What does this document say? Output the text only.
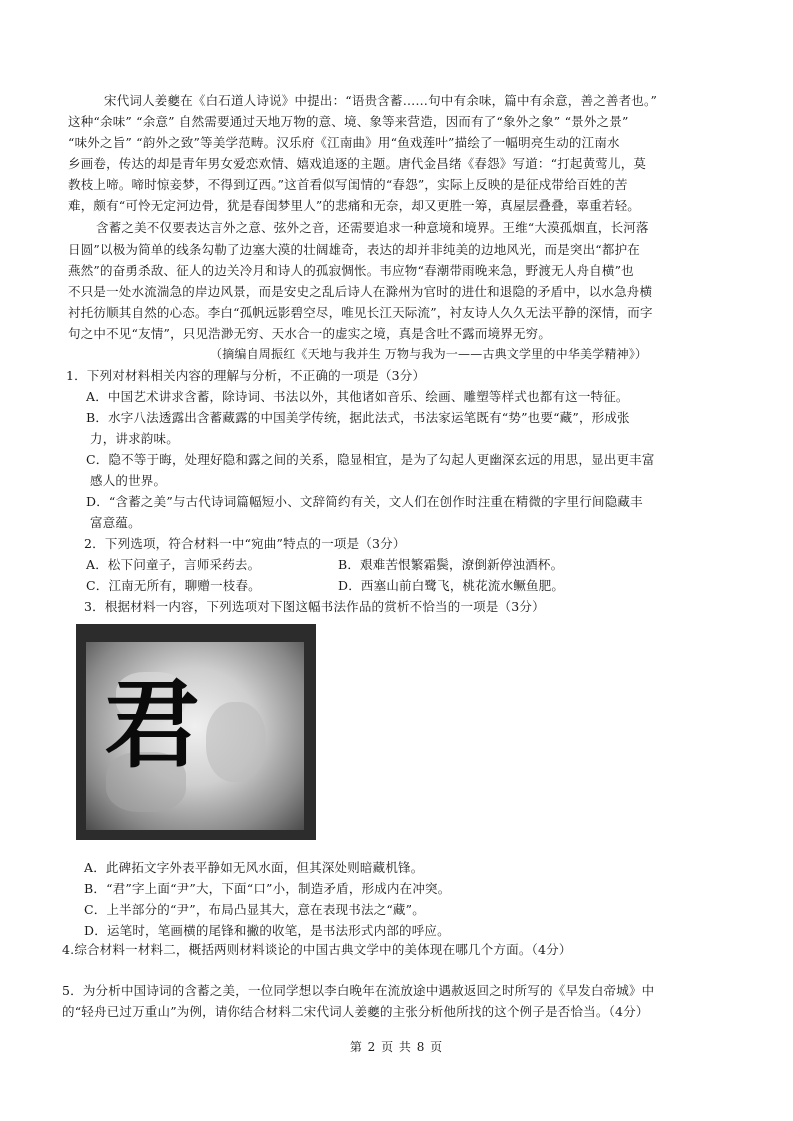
宋代词人姜夔在《白石道人诗说》中提出：“语贵含蓄……句中有余味，篇中有余意，善之善者也。”
这种“余味” “余意” 自然需要通过天地万物的意、境、象等来营造，因而有了“象外之象” “景外之景”
“味外之旨” “韵外之致”等美学范畴。汉乐府《江南曲》用“鱼戏莲叶”描绘了一幅明亮生动的江南水
乡画卷，传达的却是青年男女爱恋欢情、嬉戏追逐的主题。唐代金昌绪《春怨》写道：“打起黄莺儿，莫
教枝上啼。啼时惊妾梦，不得到辽西。”这首看似写闺情的“春怨”，实际上反映的是征戍带给百姓的苦
难，颇有“可怜无定河边骨，犹是春闺梦里人”的悲痛和无奈，却又更胜一筹，真屋层叠叠，辜重若轻。
含蓄之美不仅要表达言外之意、弦外之音，还需要追求一种意境和境界。王维“大漠孤烟直，长河落
日圆”以极为简单的线条勾勒了边塞大漠的壮阔雄奇，表达的却并非纯美的边地风光，而是突出“都护在
燕然”的奋勇杀敌、征人的边关冷月和诗人的孤寂惆怅。韦应物“春潮带雨晚来急，野渡无人舟自横”也
不只是一处水流湍急的岸边风景，而是安史之乱后诗人在滁州为官时的进仕和退隐的矛盾中，以水急舟横
衬托彷顺其自然的心态。李白“孤帆远影碧空尽，唯见长江天际流”，衬友诗人久久无法平静的深情，而字
句之中不见“友情”，只见浩渺无穷、天水合一的虚实之境，真是含吐不露而境界无穷。
（摘编自周振红《天地与我并生 万物与我为一——古典文学里的中华美学精神》）
1．下列对材料相关内容的理解与分析，不正确的一项是（3分）
A．中国艺术讲求含蓄，除诗词、书法以外，其他诸如音乐、绘画、雕塑等样式也都有这一特征。
B．水字八法透露出含蓄藏露的中国美学传统，据此法式，书法家运笔既有“势”也要“藏”，形成张
力，讲求韵味。
C．隐不等于晦，处理好隐和露之间的关系，隐显相宜，是为了勾起人更幽深玄远的用思，显出更丰富
感人的世界。
D．“含蓄之美”与古代诗词篇幅短小、文辞简约有关，文人们在创作时注重在精微的字里行间隐藏丰
富意蕴。
2．下列选项，符合材料一中“宛曲”特点的一项是（3分）
A．松下问童子，言师采药去。	B．艰难苦恨繁霜鬓，潦倒新停浊酒杯。
C．江南无所有，聊赠一枝春。	D．西塞山前白鹭飞，桃花流水鳜鱼肥。
3．根据材料一内容，下列选项对下图这幅书法作品的赏析不恰当的一项是（3分）
君
A．此碑拓文字外表平静如无风水面，但其深处则暗藏机锋。
B．“君”字上面“尹”大，下面“口”小，制造矛盾，形成内在冲突。
C．上半部分的“尹”，布局凸显其大，意在表现书法之“藏”。
D．运笔时，笔画横的尾锋和撇的收笔，是书法形式内部的呼应。
4.综合材料一材料二，概括两则材料谈论的中国古典文学中的美体现在哪几个方面。（4分）
5．为分析中国诗词的含蓄之美，一位同学想以李白晚年在流放途中遇赦返回之时所写的《早发白帝城》中
的“轻舟已过万重山”为例，请你结合材料二宋代词人姜夔的主张分析他所找的这个例子是否恰当。（4分）
第 2 页 共 8 页
